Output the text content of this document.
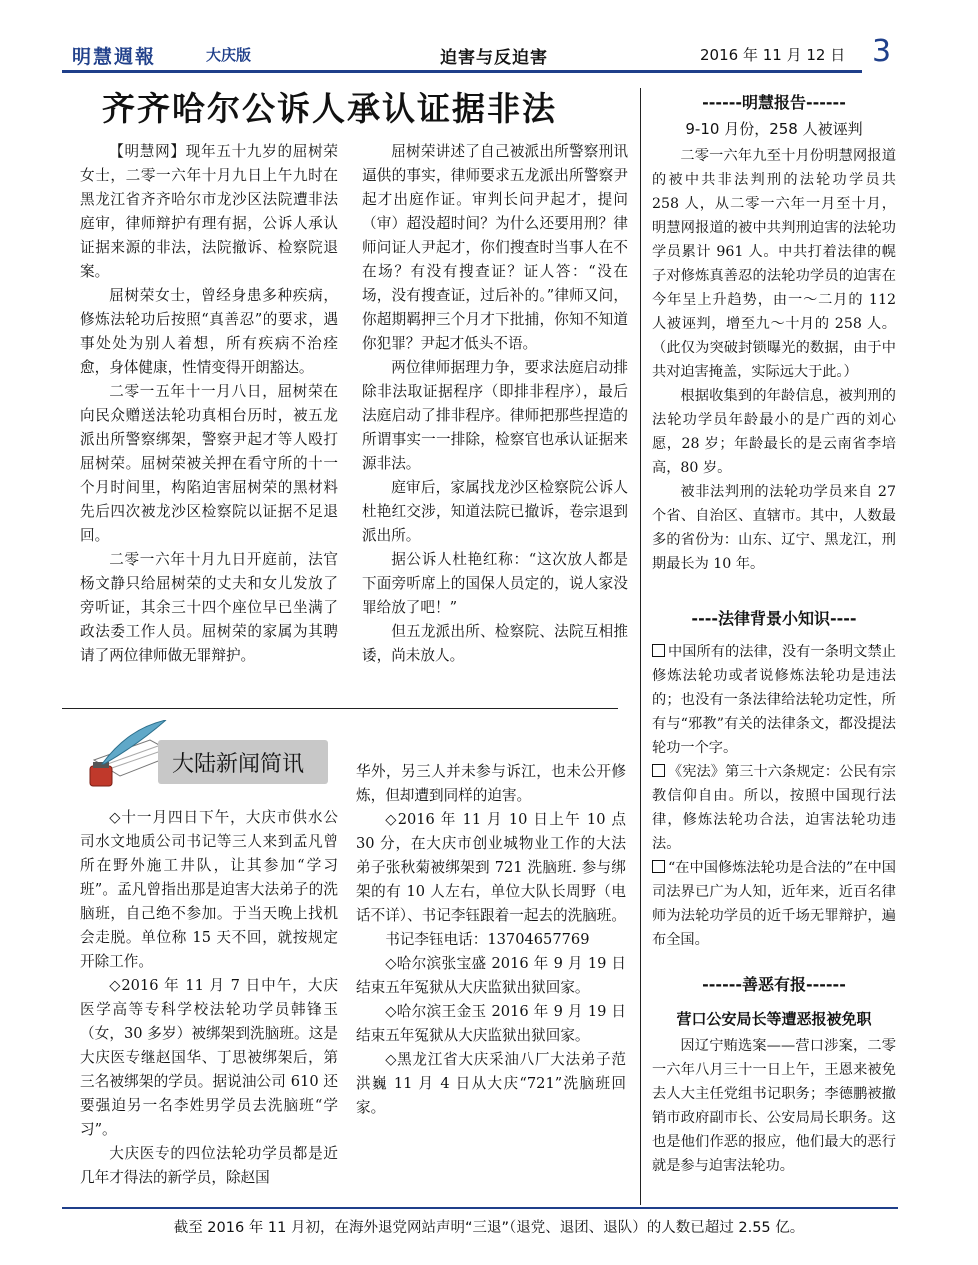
明慧週報	大庆版	迫害与反迫害	2016 年 11 月 12 日 3
齐齐哈尔公诉人承认证据非法

【明慧网】现年五十九岁的屈树荣女士，二零一六年十月九日上午九时在黑龙江省齐齐哈尔市龙沙区法院遭非法庭审，律师辩护有理有据，公诉人承认证据来源的非法，法院撤诉、检察院退案。

屈树荣女士，曾经身患多种疾病，修炼法轮功后按照“真善忍”的要求，遇事处处为别人着想，所有疾病不治痊愈，身体健康，性情变得开朗豁达。

二零一五年十一月八日，屈树荣在向民众赠送法轮功真相台历时，被五龙派出所警察绑架，警察尹起才等人殴打屈树荣。屈树荣被关押在看守所的十一个月时间里，构陷迫害屈树荣的黑材料先后四次被龙沙区检察院以证据不足退回。

二零一六年十月九日开庭前，法官杨文静只给屈树荣的丈夫和女儿发放了旁听证，其余三十四个座位早已坐满了政法委工作人员。屈树荣的家属为其聘请了两位律师做无罪辩护。

屈树荣讲述了自己被派出所警察刑讯逼供的事实，律师要求五龙派出所警察尹起才出庭作证。审判长问尹起才，提问（审）超没超时间？为什么还要用刑？律师问证人尹起才，你们搜查时当事人在不在场？有没有搜查证？证人答：“没在场，没有搜查证，过后补的。”律师又问，你超期羁押三个月才下批捕，你知不知道你犯罪？尹起才低头不语。

两位律师据理力争，要求法庭启动排除非法取证据程序（即排非程序），最后法庭启动了排非程序。律师把那些捏造的所谓事实一一排除，检察官也承认证据来源非法。

庭审后，家属找龙沙区检察院公诉人杜艳红交涉，知道法院已撤诉，卷宗退到派出所。

据公诉人杜艳红称：“这次放人都是下面旁听席上的国保人员定的，说人家没罪给放了吧！”

但五龙派出所、检察院、法院互相推诿，尚未放人。

大陆新闻简讯

◇十一月四日下午，大庆市供水公司水文地质公司书记等三人来到孟凡曾所在野外施工井队，让其参加“学习班”。孟凡曾指出那是迫害大法弟子的洗脑班，自己绝不参加。于当天晚上找机会走脱。单位称 15 天不回，就按规定开除工作。

◇2016 年 11 月 7 日中午，大庆医学高等专科学校法轮功学员韩锋玉（女，30 多岁）被绑架到洗脑班。这是大庆医专继赵国华、丁思被绑架后，第三名被绑架的学员。据说油公司 610 还要强迫另一名李姓男学员去洗脑班“学习”。

大庆医专的四位法轮功学员都是近几年才得法的新学员，除赵国

华外，另三人并未参与诉江，也未公开修炼，但却遭到同样的迫害。

◇2016 年 11 月 10 日上午 10 点 30 分，在大庆市创业城物业工作的大法弟子张秋菊被绑架到 721 洗脑班. 参与绑架的有 10 人左右，单位大队长周野（电话不详）、书记李钰跟着一起去的洗脑班。

书记李钰电话：13704657769

◇哈尔滨张宝盛 2016 年 9 月 19 日结束五年冤狱从大庆监狱出狱回家。

◇哈尔滨王金玉 2016 年 9 月 19 日结束五年冤狱从大庆监狱出狱回家。

◇黑龙江省大庆采油八厂大法弟子范洪巍 11 月 4 日从大庆“721”洗脑班回家。

------明慧报告------
9-10 月份，258 人被诬判

二零一六年九至十月份明慧网报道的被中共非法判刑的法轮功学员共 258 人，从二零一六年一月至十月，明慧网报道的被中共判刑迫害的法轮功学员累计 961 人。中共打着法律的幌子对修炼真善忍的法轮功学员的迫害在今年呈上升趋势，由一～二月的 112 人被诬判，增至九～十月的 258 人。（此仅为突破封锁曝光的数据，由于中共对迫害掩盖，实际远大于此。）

根据收集到的年龄信息，被判刑的法轮功学员年龄最小的是广西的刘心愿，28 岁；年龄最长的是云南省李培高，80 岁。

被非法判刑的法轮功学员来自 27 个省、自治区、直辖市。其中，人数最多的省份为：山东、辽宁、黑龙江，刑期最长为 10 年。

----法律背景小知识----

中国所有的法律，没有一条明文禁止修炼法轮功或者说修炼法轮功是违法的；也没有一条法律给法轮功定性，所有与“邪教”有关的法律条文，都没提法轮功一个字。

《宪法》第三十六条规定：公民有宗教信仰自由。所以，按照中国现行法律，修炼法轮功合法，迫害法轮功违法。

“在中国修炼法轮功是合法的”在中国司法界已广为人知，近年来，近百名律师为法轮功学员的近千场无罪辩护，遍布全国。

------善恶有报------
营口公安局长等遭恶报被免职

因辽宁贿选案——营口涉案，二零一六年八月三十一日上午，王恩来被免去人大主任党组书记职务；李德鹏被撤销市政府副市长、公安局局长职务。这也是他们作恶的报应，他们最大的恶行就是参与迫害法轮功。

截至 2016 年 11 月初，在海外退党网站声明“三退”（退党、退团、退队）的人数已超过 2.55 亿。
